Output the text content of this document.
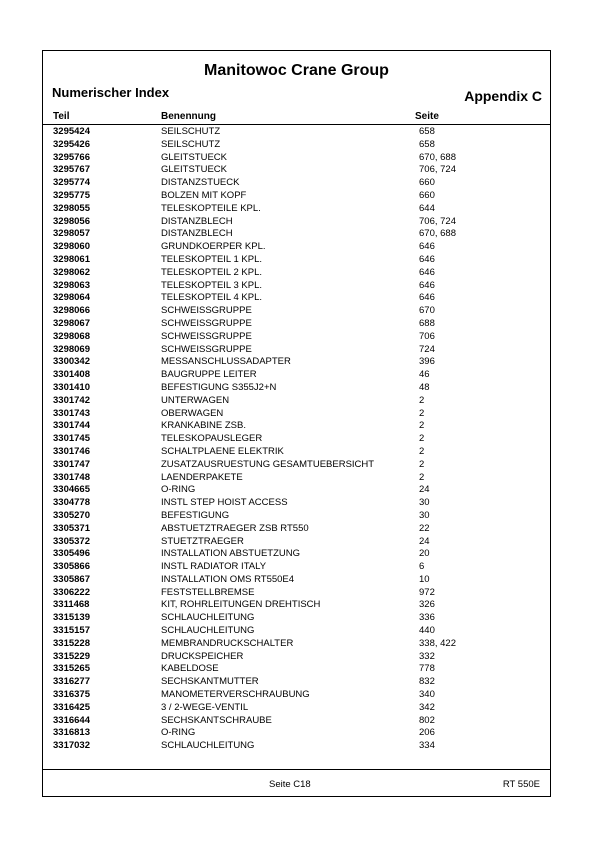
Manitowoc Crane Group
Numerischer Index	Appendix C
Teil	Benennung	Seite
3295424	SEILSCHUTZ	658
3295426	SEILSCHUTZ	658
3295766	GLEITSTUECK	670, 688
3295767	GLEITSTUECK	706, 724
3295774	DISTANZSTUECK	660
3295775	BOLZEN MIT KOPF	660
3298055	TELESKOPTEILE KPL.	644
3298056	DISTANZBLECH	706, 724
3298057	DISTANZBLECH	670, 688
3298060	GRUNDKOERPER KPL.	646
3298061	TELESKOPTEIL 1 KPL.	646
3298062	TELESKOPTEIL 2 KPL.	646
3298063	TELESKOPTEIL 3 KPL.	646
3298064	TELESKOPTEIL 4 KPL.	646
3298066	SCHWEISSGRUPPE	670
3298067	SCHWEISSGRUPPE	688
3298068	SCHWEISSGRUPPE	706
3298069	SCHWEISSGRUPPE	724
3300342	MESSANSCHLUSSADAPTER	396
3301408	BAUGRUPPE LEITER	46
3301410	BEFESTIGUNG S355J2+N	48
3301742	UNTERWAGEN	2
3301743	OBERWAGEN	2
3301744	KRANKABINE ZSB.	2
3301745	TELESKOPAUSLEGER	2
3301746	SCHALTPLAENE ELEKTRIK	2
3301747	ZUSATZAUSRUESTUNG GESAMTUEBERSICHT	2
3301748	LAENDERPAKETE	2
3304665	O-RING	24
3304778	INSTL STEP HOIST ACCESS	30
3305270	BEFESTIGUNG	30
3305371	ABSTUETZTRAEGER ZSB RT550	22
3305372	STUETZTRAEGER	24
3305496	INSTALLATION ABSTUETZUNG	20
3305866	INSTL RADIATOR ITALY	6
3305867	INSTALLATION OMS RT550E4	10
3306222	FESTSTELLBREMSE	972
3311468	KIT, ROHRLEITUNGEN DREHTISCH	326
3315139	SCHLAUCHLEITUNG	336
3315157	SCHLAUCHLEITUNG	440
3315228	MEMBRANDRUCKSCHALTER	338, 422
3315229	DRUCKSPEICHER	332
3315265	KABELDOSE	778
3316277	SECHSKANTMUTTER	832
3316375	MANOMETERVERSCHRAUBUNG	340
3316425	3 / 2-WEGE-VENTIL	342
3316644	SECHSKANTSCHRAUBE	802
3316813	O-RING	206
3317032	SCHLAUCHLEITUNG	334
Seite C18	RT 550E
